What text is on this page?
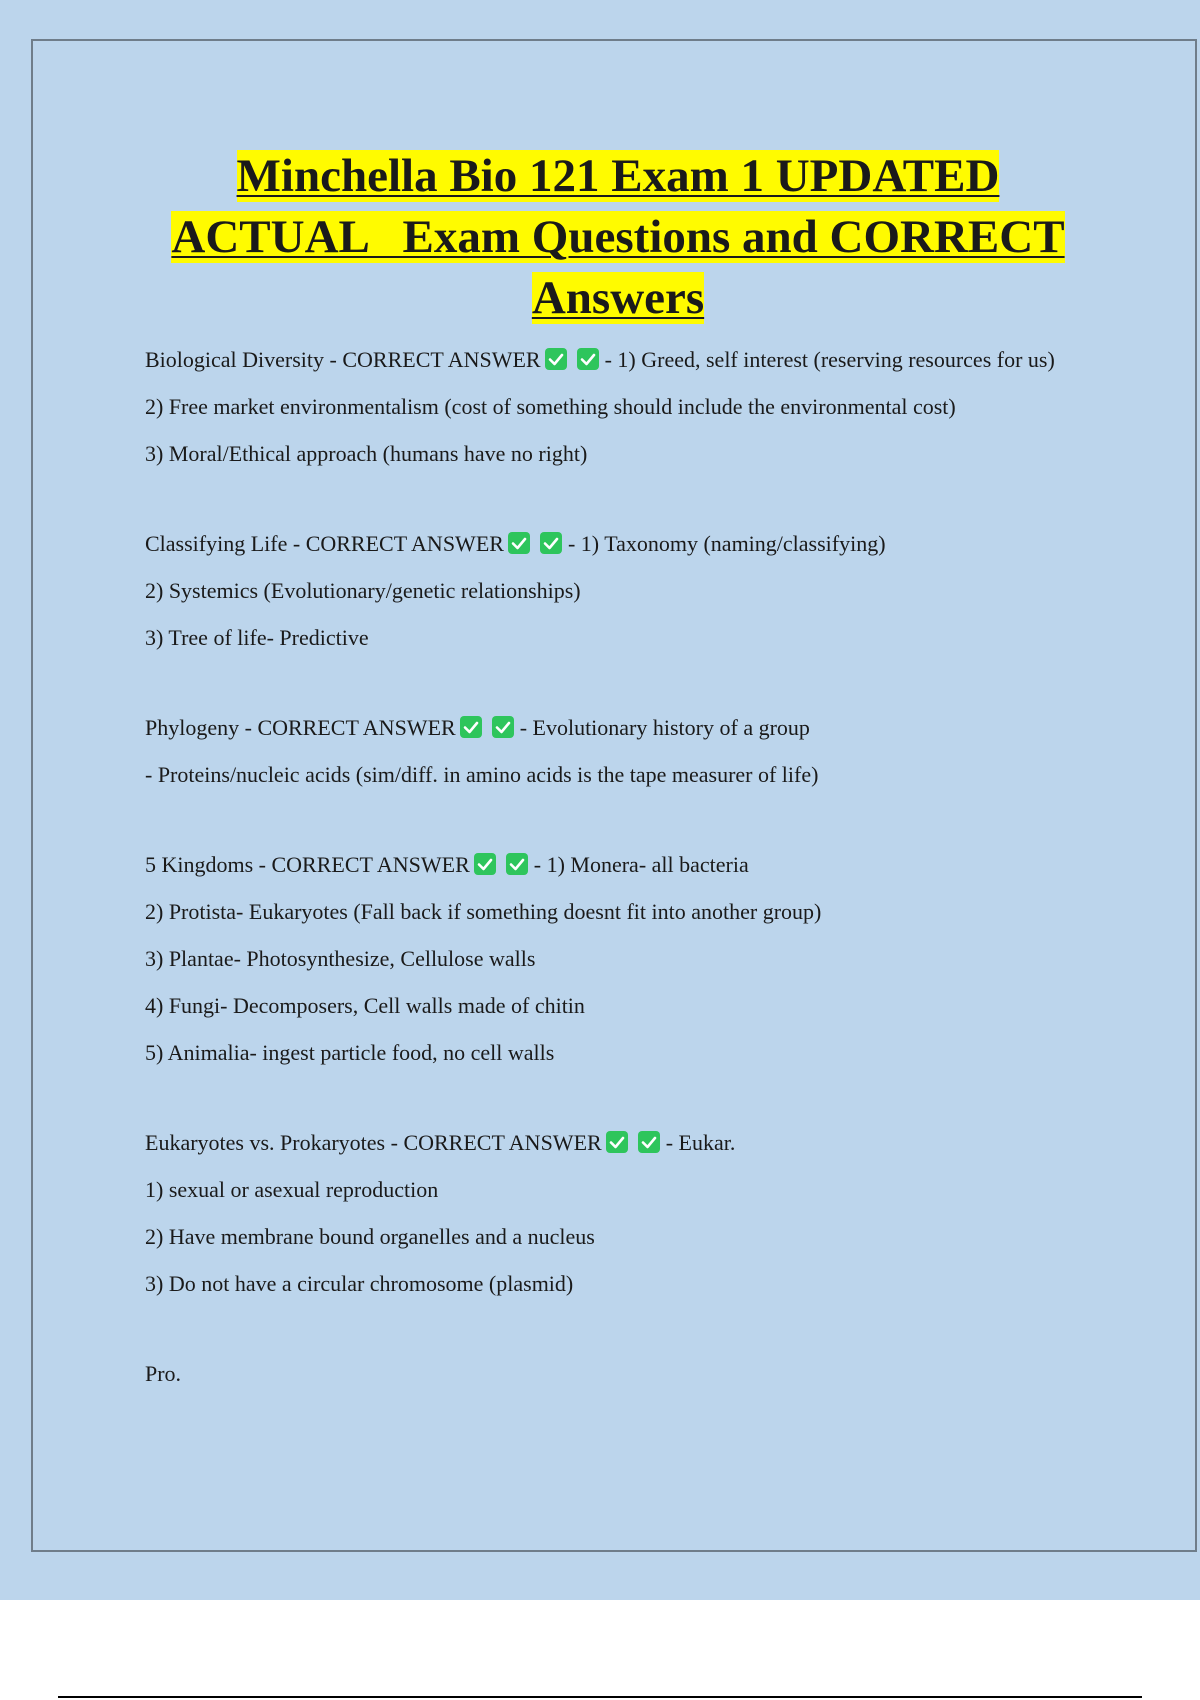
Minchella Bio 121 Exam 1 UPDATED
ACTUAL   Exam Questions and CORRECT
Answers

Biological Diversity - CORRECT ANSWER	- 1) Greed, self interest (reserving resources for us)

2) Free market environmentalism (cost of something should include the environmental cost)

3) Moral/Ethical approach (humans have no right)

Classifying Life - CORRECT ANSWER	- 1) Taxonomy (naming/classifying)

2) Systemics (Evolutionary/genetic relationships)

3) Tree of life- Predictive

Phylogeny - CORRECT ANSWER	- Evolutionary history of a group

- Proteins/nucleic acids (sim/diff. in amino acids is the tape measurer of life)

5 Kingdoms - CORRECT ANSWER	- 1) Monera- all bacteria

2) Protista- Eukaryotes (Fall back if something doesnt fit into another group)

3) Plantae- Photosynthesize, Cellulose walls

4) Fungi- Decomposers, Cell walls made of chitin

5) Animalia- ingest particle food, no cell walls

Eukaryotes vs. Prokaryotes - CORRECT ANSWER	- Eukar.

1) sexual or asexual reproduction

2) Have membrane bound organelles and a nucleus

3) Do not have a circular chromosome (plasmid)

Pro.
